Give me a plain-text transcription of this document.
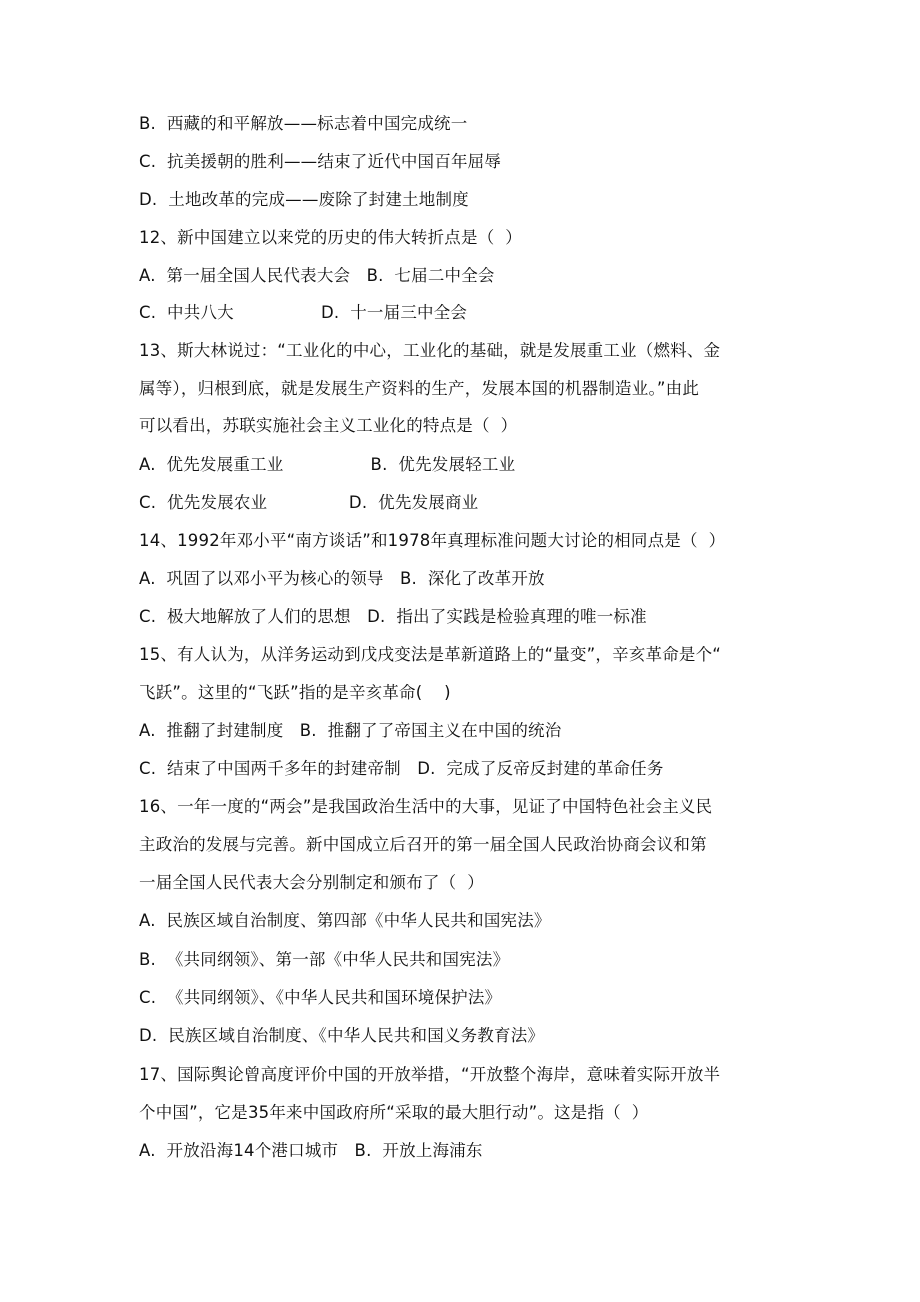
B.  西藏的和平解放——标志着中国完成统一
C.  抗美援朝的胜利——结束了近代中国百年屈辱
D.  土地改革的完成——废除了封建土地制度
12、新中国建立以来党的历史的伟大转折点是（  ）
A.  第一届全国人民代表大会   B.  七届二中全会
C.  中共八大                D.  十一届三中全会
13、斯大林说过：“工业化的中心，工业化的基础，就是发展重工业（燃料、金
属等），归根到底，就是发展生产资料的生产，发展本国的机器制造业。”由此
可以看出，苏联实施社会主义工业化的特点是（  ）
A.  优先发展重工业                B.  优先发展轻工业
C.  优先发展农业               D.  优先发展商业
14、1992年邓小平“南方谈话”和1978年真理标准问题大讨论的相同点是（  ）
A.  巩固了以邓小平为核心的领导   B.  深化了改革开放
C.  极大地解放了人们的思想   D.  指出了实践是检验真理的唯一标准
15、有人认为，从洋务运动到戊戌变法是革新道路上的“量变”，辛亥革命是个“
飞跃”。这里的“飞跃”指的是辛亥革命(    )
A.  推翻了封建制度   B.  推翻了了帝国主义在中国的统治
C.  结束了中国两千多年的封建帝制   D.  完成了反帝反封建的革命任务
16、一年一度的“两会”是我国政治生活中的大事，见证了中国特色社会主义民
主政治的发展与完善。新中国成立后召开的第一届全国人民政治协商会议和第
一届全国人民代表大会分别制定和颁布了（  ）
A.  民族区域自治制度、第四部《中华人民共和国宪法》
B.  《共同纲领》、第一部《中华人民共和国宪法》
C.  《共同纲领》、《中华人民共和国环境保护法》
D.  民族区域自治制度、《中华人民共和国义务教育法》
17、国际舆论曾高度评价中国的开放举措，“开放整个海岸，意味着实际开放半
个中国”，它是35年来中国政府所“采取的最大胆行动”。这是指（  ）
A.  开放沿海14个港口城市   B.  开放上海浦东
